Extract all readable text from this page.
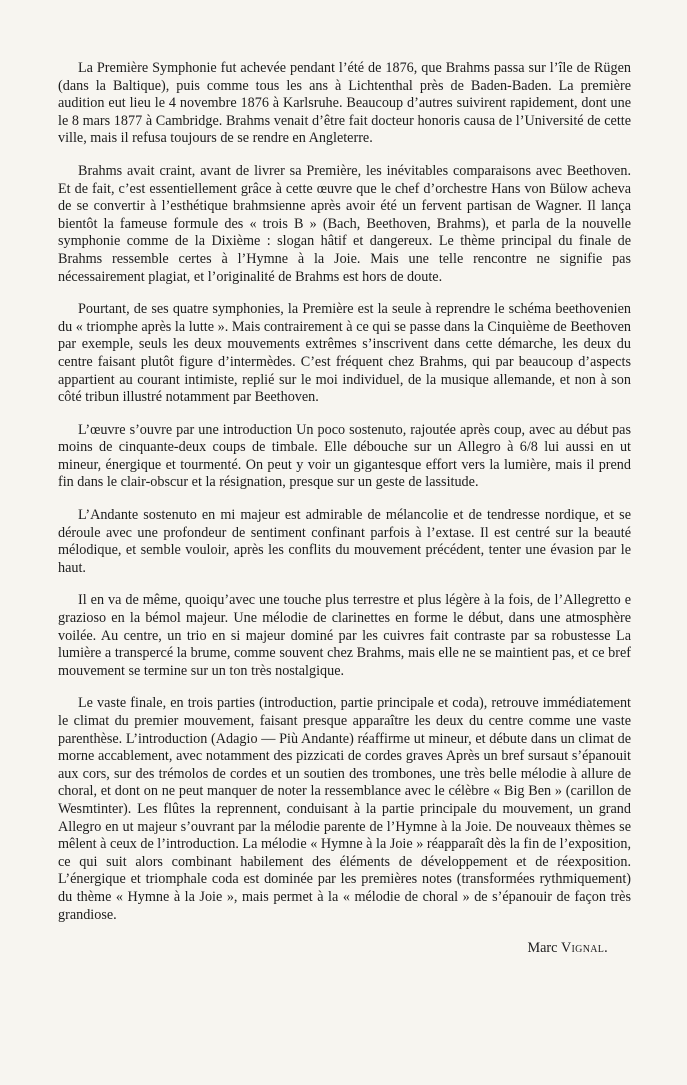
La Première Symphonie fut achevée pendant l’été de 1876, que Brahms passa sur l’île de Rügen (dans la Baltique), puis comme tous les ans à Lichtenthal près de Baden-Baden. La première audition eut lieu le 4 novembre 1876 à Karlsruhe. Beaucoup d’autres suivirent rapidement, dont une le 8 mars 1877 à Cambridge. Brahms venait d’être fait docteur honoris causa de l’Université de cette ville, mais il refusa toujours de se rendre en Angleterre.

Brahms avait craint, avant de livrer sa Première, les inévitables comparaisons avec Beethoven. Et de fait, c’est essentiellement grâce à cette œuvre que le chef d’orchestre Hans von Bülow acheva de se convertir à l’esthétique brahmsienne après avoir été un fervent partisan de Wagner. Il lança bientôt la fameuse formule des « trois B » (Bach, Beethoven, Brahms), et parla de la nouvelle symphonie comme de la Dixième : slogan hâtif et dangereux. Le thème principal du finale de Brahms ressemble certes à l’Hymne à la Joie. Mais une telle rencontre ne signifie pas nécessairement plagiat, et l’originalité de Brahms est hors de doute.

Pourtant, de ses quatre symphonies, la Première est la seule à reprendre le schéma beethovenien du « triomphe après la lutte ». Mais contrairement à ce qui se passe dans la Cinquième de Beethoven par exemple, seuls les deux mouvements extrêmes s’inscrivent dans cette démarche, les deux du centre faisant plutôt figure d’intermèdes. C’est fréquent chez Brahms, qui par beaucoup d’aspects appartient au courant intimiste, replié sur le moi individuel, de la musique allemande, et non à son côté tribun illustré notamment par Beethoven.

L’œuvre s’ouvre par une introduction Un poco sostenuto, rajoutée après coup, avec au début pas moins de cinquante-deux coups de timbale. Elle débouche sur un Allegro à 6/8 lui aussi en ut mineur, énergique et tourmenté. On peut y voir un gigantesque effort vers la lumière, mais il prend fin dans le clair-obscur et la résignation, presque sur un geste de lassitude.

L’Andante sostenuto en mi majeur est admirable de mélancolie et de tendresse nordique, et se déroule avec une profondeur de sentiment confinant parfois à l’extase. Il est centré sur la beauté mélodique, et semble vouloir, après les conflits du mouvement précédent, tenter une évasion par le haut.

Il en va de même, quoiqu’avec une touche plus terrestre et plus légère à la fois, de l’Allegretto e grazioso en la bémol majeur. Une mélodie de clarinettes en forme le début, dans une atmosphère voilée. Au centre, un trio en si majeur dominé par les cuivres fait contraste par sa robustesse La lumière a transpercé la brume, comme souvent chez Brahms, mais elle ne se maintient pas, et ce bref mouvement se termine sur un ton très nostalgique.

Le vaste finale, en trois parties (introduction, partie principale et coda), retrouve immédiatement le climat du premier mouvement, faisant presque apparaître les deux du centre comme une vaste parenthèse. L’introduction (Adagio — Più Andante) réaffirme ut mineur, et débute dans un climat de morne accablement, avec notamment des pizzicati de cordes graves Après un bref sursaut s’épanouit aux cors, sur des trémolos de cordes et un soutien des trombones, une très belle mélodie à allure de choral, et dont on ne peut manquer de noter la ressemblance avec le célèbre « Big Ben » (carillon de Wesmtinter). Les flûtes la reprennent, conduisant à la partie principale du mouvement, un grand Allegro en ut majeur s’ouvrant par la mélodie parente de l’Hymne à la Joie. De nouveaux thèmes se mêlent à ceux de l’introduction. La mélodie « Hymne à la Joie » réapparaît dès la fin de l’exposition, ce qui suit alors combinant habilement des éléments de développement et de réexposition. L’énergique et triomphale coda est dominée par les premières notes (transformées rythmiquement) du thème « Hymne à la Joie », mais permet à la « mélodie de choral » de s’épanouir de façon très grandiose.

Marc Vignal.
